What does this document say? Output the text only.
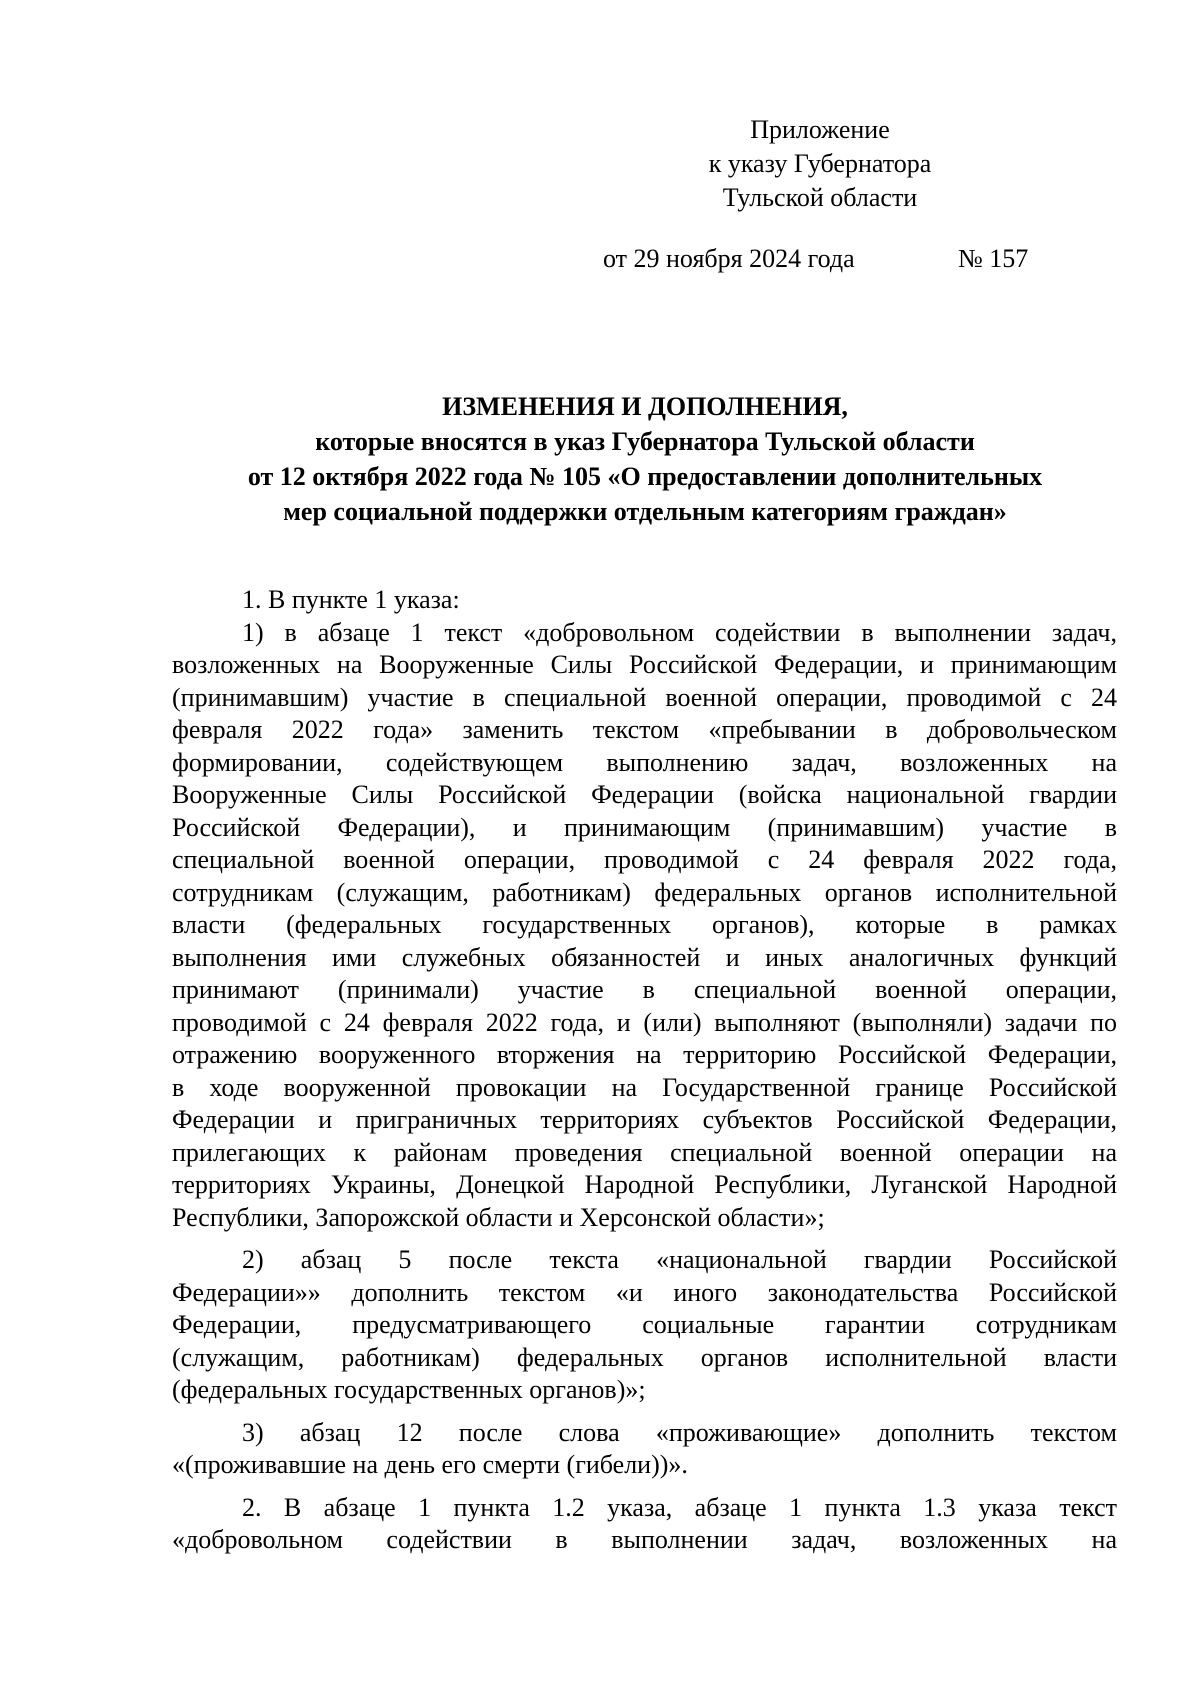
Приложение
к указу Губернатора
Тульской области
от 29 ноября 2024 года	№ 157
ИЗМЕНЕНИЯ И ДОПОЛНЕНИЯ,
которые вносятся в указ Губернатора Тульской области
от 12 октября 2022 года № 105 «О предоставлении дополнительных
мер социальной поддержки отдельным категориям граждан»
1. В пункте 1 указа:
1) в абзаце 1 текст «добровольном содействии в выполнении задач,
возложенных на Вооруженные Силы Российской Федерации, и принимающим
(принимавшим) участие в специальной военной операции, проводимой с 24
февраля 2022 года» заменить текстом «пребывании в добровольческом
формировании, содействующем выполнению задач, возложенных на
Вооруженные Силы Российской Федерации (войска национальной гвардии
Российской Федерации), и принимающим (принимавшим) участие в
специальной военной операции, проводимой с 24 февраля 2022 года,
сотрудникам (служащим, работникам) федеральных органов исполнительной
власти (федеральных государственных органов), которые в рамках
выполнения ими служебных обязанностей и иных аналогичных функций
принимают (принимали) участие в специальной военной операции,
проводимой с 24 февраля 2022 года, и (или) выполняют (выполняли) задачи по
отражению вооруженного вторжения на территорию Российской Федерации,
в ходе вооруженной провокации на Государственной границе Российской
Федерации и приграничных территориях субъектов Российской Федерации,
прилегающих к районам проведения специальной военной операции на
территориях Украины, Донецкой Народной Республики, Луганской Народной
Республики, Запорожской области и Херсонской области»;
2) абзац 5 после текста «национальной гвардии Российской
Федерации»» дополнить текстом «и иного законодательства Российской
Федерации, предусматривающего социальные гарантии сотрудникам
(служащим, работникам) федеральных органов исполнительной власти
(федеральных государственных органов)»;
3) абзац 12 после слова «проживающие» дополнить текстом
«(проживавшие на день его смерти (гибели))».
2. В абзаце 1 пункта 1.2 указа, абзаце 1 пункта 1.3 указа текст
«добровольном содействии в выполнении задач, возложенных на
